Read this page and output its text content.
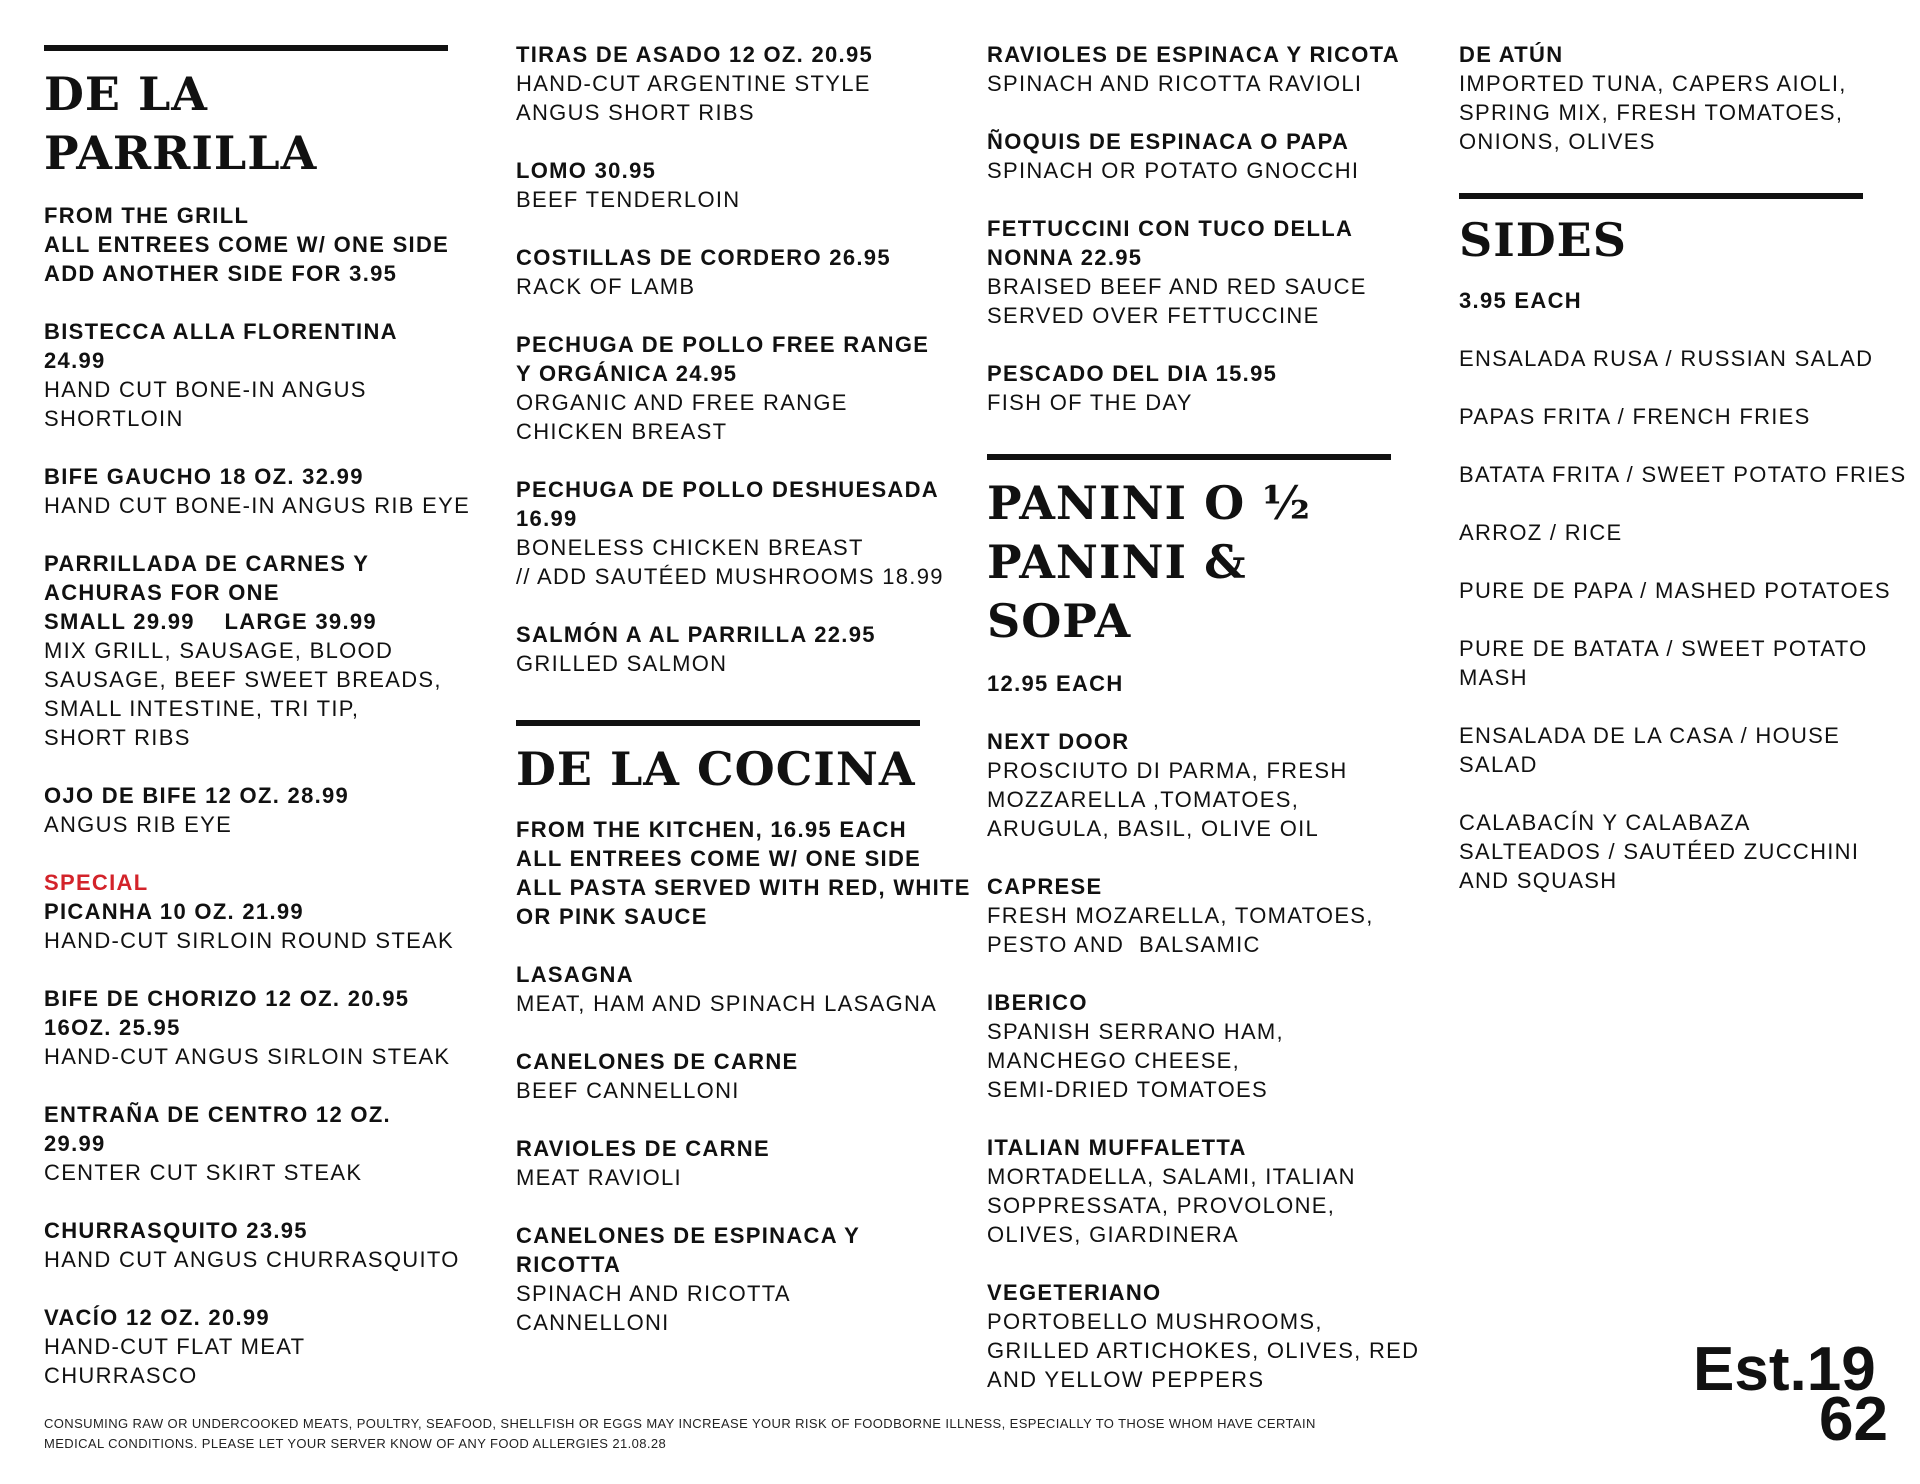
DE LA PARRILLA
FROM THE GRILL
ALL ENTREES COME W/ ONE SIDE
ADD ANOTHER SIDE FOR 3.95
BISTECCA ALLA FLORENTINA
24.99
HAND CUT BONE-IN ANGUS
SHORTLOIN
BIFE GAUCHO 18 OZ. 32.99
HAND CUT BONE-IN ANGUS RIB EYE
PARRILLADA DE CARNES Y
ACHURAS FOR ONE
SMALL 29.99    LARGE 39.99
MIX GRILL, SAUSAGE, BLOOD
SAUSAGE, BEEF SWEET BREADS,
SMALL INTESTINE, TRI TIP,
SHORT RIBS
OJO DE BIFE 12 OZ. 28.99
ANGUS RIB EYE
SPECIAL
PICANHA 10 OZ. 21.99
HAND-CUT SIRLOIN ROUND STEAK
BIFE DE CHORIZO 12 OZ. 20.95
16OZ. 25.95
HAND-CUT ANGUS SIRLOIN STEAK
ENTRAÑA DE CENTRO 12 OZ.
29.99
CENTER CUT SKIRT STEAK
CHURRASQUITO 23.95
HAND CUT ANGUS CHURRASQUITO
VACÍO 12 OZ. 20.99
HAND-CUT FLAT MEAT
CHURRASCO
TIRAS DE ASADO 12 OZ. 20.95
HAND-CUT ARGENTINE STYLE
ANGUS SHORT RIBS
LOMO 30.95
BEEF TENDERLOIN
COSTILLAS DE CORDERO 26.95
RACK OF LAMB
PECHUGA DE POLLO FREE RANGE
Y ORGÁNICA 24.95
ORGANIC AND FREE RANGE
CHICKEN BREAST
PECHUGA DE POLLO DESHUESADA
16.99
BONELESS CHICKEN BREAST
// ADD SAUTÉED MUSHROOMS 18.99
SALMÓN A AL PARRILLA 22.95
GRILLED SALMON
DE LA COCINA
FROM THE KITCHEN, 16.95 EACH
ALL ENTREES COME W/ ONE SIDE
ALL PASTA SERVED WITH RED, WHITE
OR PINK SAUCE
LASAGNA
MEAT, HAM AND SPINACH LASAGNA
CANELONES DE CARNE
BEEF CANNELLONI
RAVIOLES DE CARNE
MEAT RAVIOLI
CANELONES DE ESPINACA Y
RICOTTA
SPINACH AND RICOTTA
CANNELLONI
RAVIOLES DE ESPINACA Y RICOTA
SPINACH AND RICOTTA RAVIOLI
ÑOQUIS DE ESPINACA O PAPA
SPINACH OR POTATO GNOCCHI
FETTUCCINI CON TUCO DELLA
NONNA 22.95
BRAISED BEEF AND RED SAUCE
SERVED OVER FETTUCCINE
PESCADO DEL DIA 15.95
FISH OF THE DAY
PANINI O ½
PANINI & SOPA
12.95 EACH
NEXT DOOR
PROSCIUTO DI PARMA, FRESH
MOZZARELLA ,TOMATOES,
ARUGULA, BASIL, OLIVE OIL
CAPRESE
FRESH MOZARELLA, TOMATOES,
PESTO AND  BALSAMIC
IBERICO
SPANISH SERRANO HAM,
MANCHEGO CHEESE,
SEMI-DRIED TOMATOES
ITALIAN MUFFALETTA
MORTADELLA, SALAMI, ITALIAN
SOPPRESSATA, PROVOLONE,
OLIVES, GIARDINERA
VEGETERIANO
PORTOBELLO MUSHROOMS,
GRILLED ARTICHOKES, OLIVES, RED
AND YELLOW PEPPERS
DE ATÚN
IMPORTED TUNA, CAPERS AIOLI,
SPRING MIX, FRESH TOMATOES,
ONIONS, OLIVES
SIDES
3.95 EACH
ENSALADA RUSA / RUSSIAN SALAD
PAPAS FRITA / FRENCH FRIES
BATATA FRITA / SWEET POTATO FRIES
ARROZ / RICE
PURE DE PAPA / MASHED POTATOES
PURE DE BATATA / SWEET POTATO
MASH
ENSALADA DE LA CASA / HOUSE
SALAD
CALABACÍN Y CALABAZA
SALTEADOS / SAUTÉED ZUCCHINI
AND SQUASH
CONSUMING RAW OR UNDERCOOKED MEATS, POULTRY, SEAFOOD, SHELLFISH OR EGGS MAY INCREASE YOUR RISK OF FOODBORNE ILLNESS, ESPECIALLY TO THOSE WHOM HAVE CERTAIN
MEDICAL CONDITIONS. PLEASE LET YOUR SERVER KNOW OF ANY FOOD ALLERGIES 21.08.28
Est.19
62
